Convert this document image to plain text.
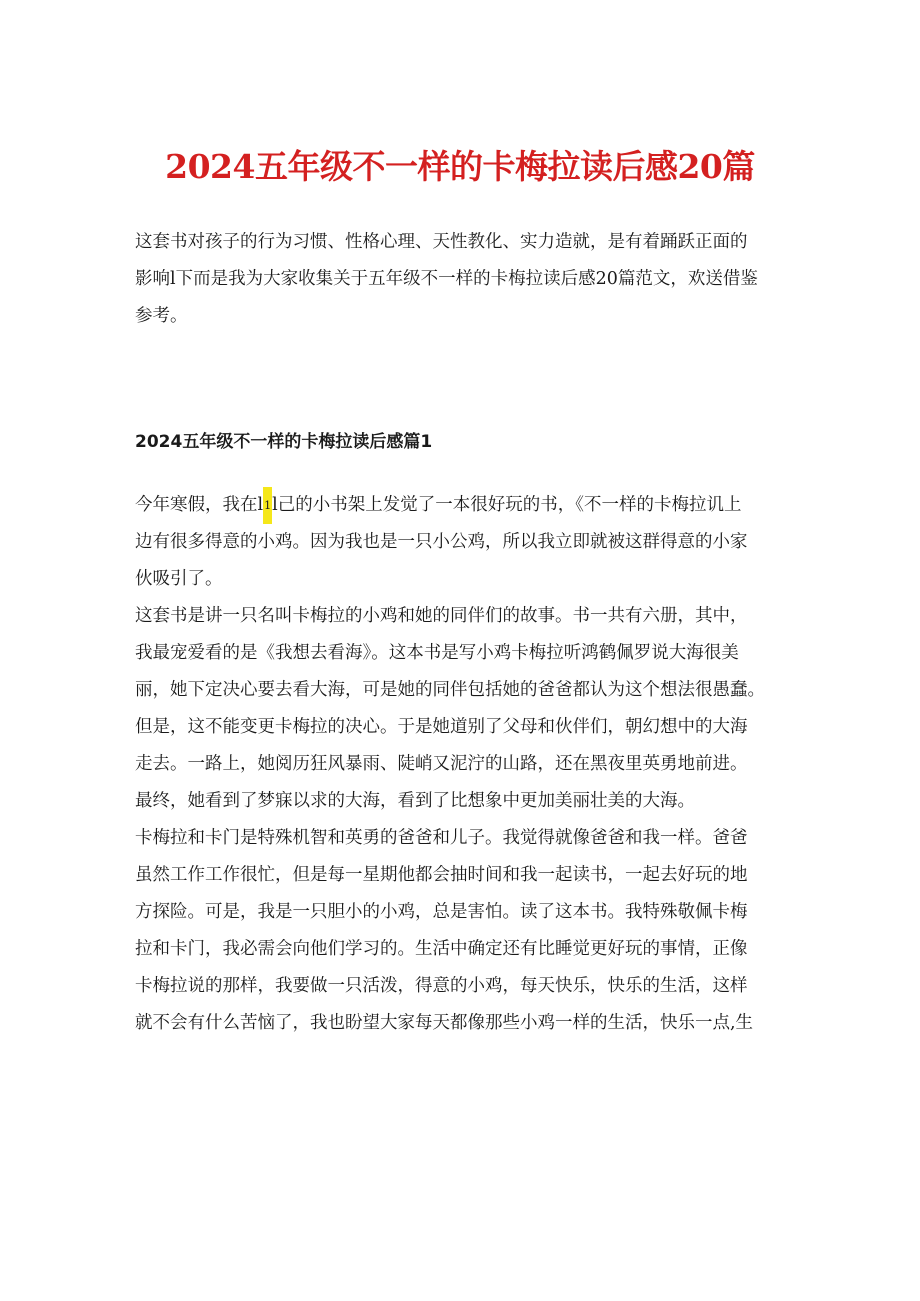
2024五年级不一样的卡梅拉读后感20篇
这套书对孩子的行为习惯、性格心理、天性教化、实力造就，是有着踊跃正面的
影响l下而是我为大家收集关于五年级不一样的卡梅拉读后感20篇范文，欢送借鉴
参考。
2024五年级不一样的卡梅拉读后感篇1
今年寒假，我在l1l己的小书架上发觉了一本很好玩的书，《不一样的卡梅拉讥上
边有很多得意的小鸡。因为我也是一只小公鸡，所以我立即就被这群得意的小家
伙吸引了。
这套书是讲一只名叫卡梅拉的小鸡和她的同伴们的故事。书一共有六册，其中，
我最宠爱看的是《我想去看海》。这本书是写小鸡卡梅拉听鸿鹤佩罗说大海很美
丽，她下定决心要去看大海，可是她的同伴包括她的爸爸都认为这个想法很愚蠢。
但是，这不能变更卡梅拉的决心。于是她道别了父母和伙伴们，朝幻想中的大海
走去。一路上，她阅历狂风暴雨、陡峭又泥泞的山路，还在黑夜里英勇地前进。
最终，她看到了梦寐以求的大海，看到了比想象中更加美丽壮美的大海。
卡梅拉和卡门是特殊机智和英勇的爸爸和儿子。我觉得就像爸爸和我一样。爸爸
虽然工作工作很忙，但是每一星期他都会抽时间和我一起读书，一起去好玩的地
方探险。可是，我是一只胆小的小鸡，总是害怕。读了这本书。我特殊敬佩卡梅
拉和卡门，我必需会向他们学习的。生活中确定还有比睡觉更好玩的事情，正像
卡梅拉说的那样，我要做一只活泼，得意的小鸡，每天快乐，快乐的生活，这样
就不会有什么苦恼了，我也盼望大家每天都像那些小鸡一样的生活，快乐一点,生
